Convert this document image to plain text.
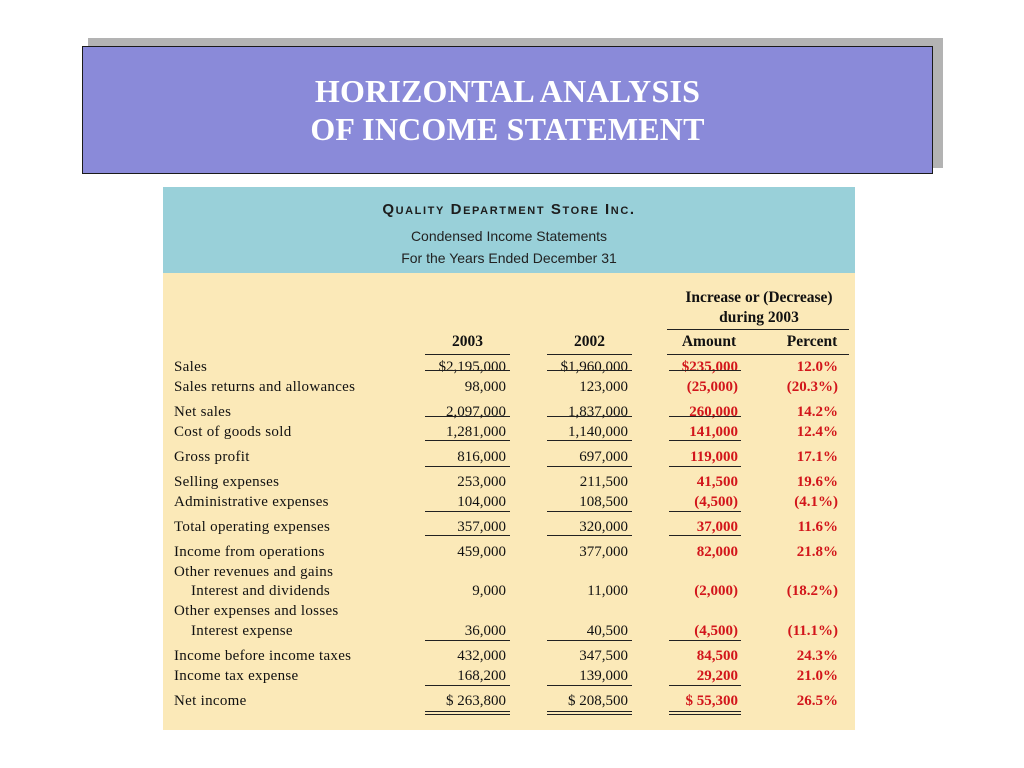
HORIZONTAL ANALYSIS
OF INCOME STATEMENT
Quality Department Store Inc.
Condensed Income Statements
For the Years Ended December 31
Increase or (Decrease)
during 2003
2003	2002	Amount	Percent
Sales	$2,195,000	$1,960,000	$235,000	12.0%
Sales returns and allowances	98,000	123,000	(25,000)	(20.3%)
Net sales	2,097,000	1,837,000	260,000	14.2%
Cost of goods sold	1,281,000	1,140,000	141,000	12.4%
Gross profit	816,000	697,000	119,000	17.1%
Selling expenses	253,000	211,500	41,500	19.6%
Administrative expenses	104,000	108,500	(4,500)	(4.1%)
Total operating expenses	357,000	320,000	37,000	11.6%
Income from operations	459,000	377,000	82,000	21.8%
Other revenues and gains
Interest and dividends	9,000	11,000	(2,000)	(18.2%)
Other expenses and losses
Interest expense	36,000	40,500	(4,500)	(11.1%)
Income before income taxes	432,000	347,500	84,500	24.3%
Income tax expense	168,200	139,000	29,200	21.0%
Net income	$ 263,800	$ 208,500	$ 55,300	26.5%
